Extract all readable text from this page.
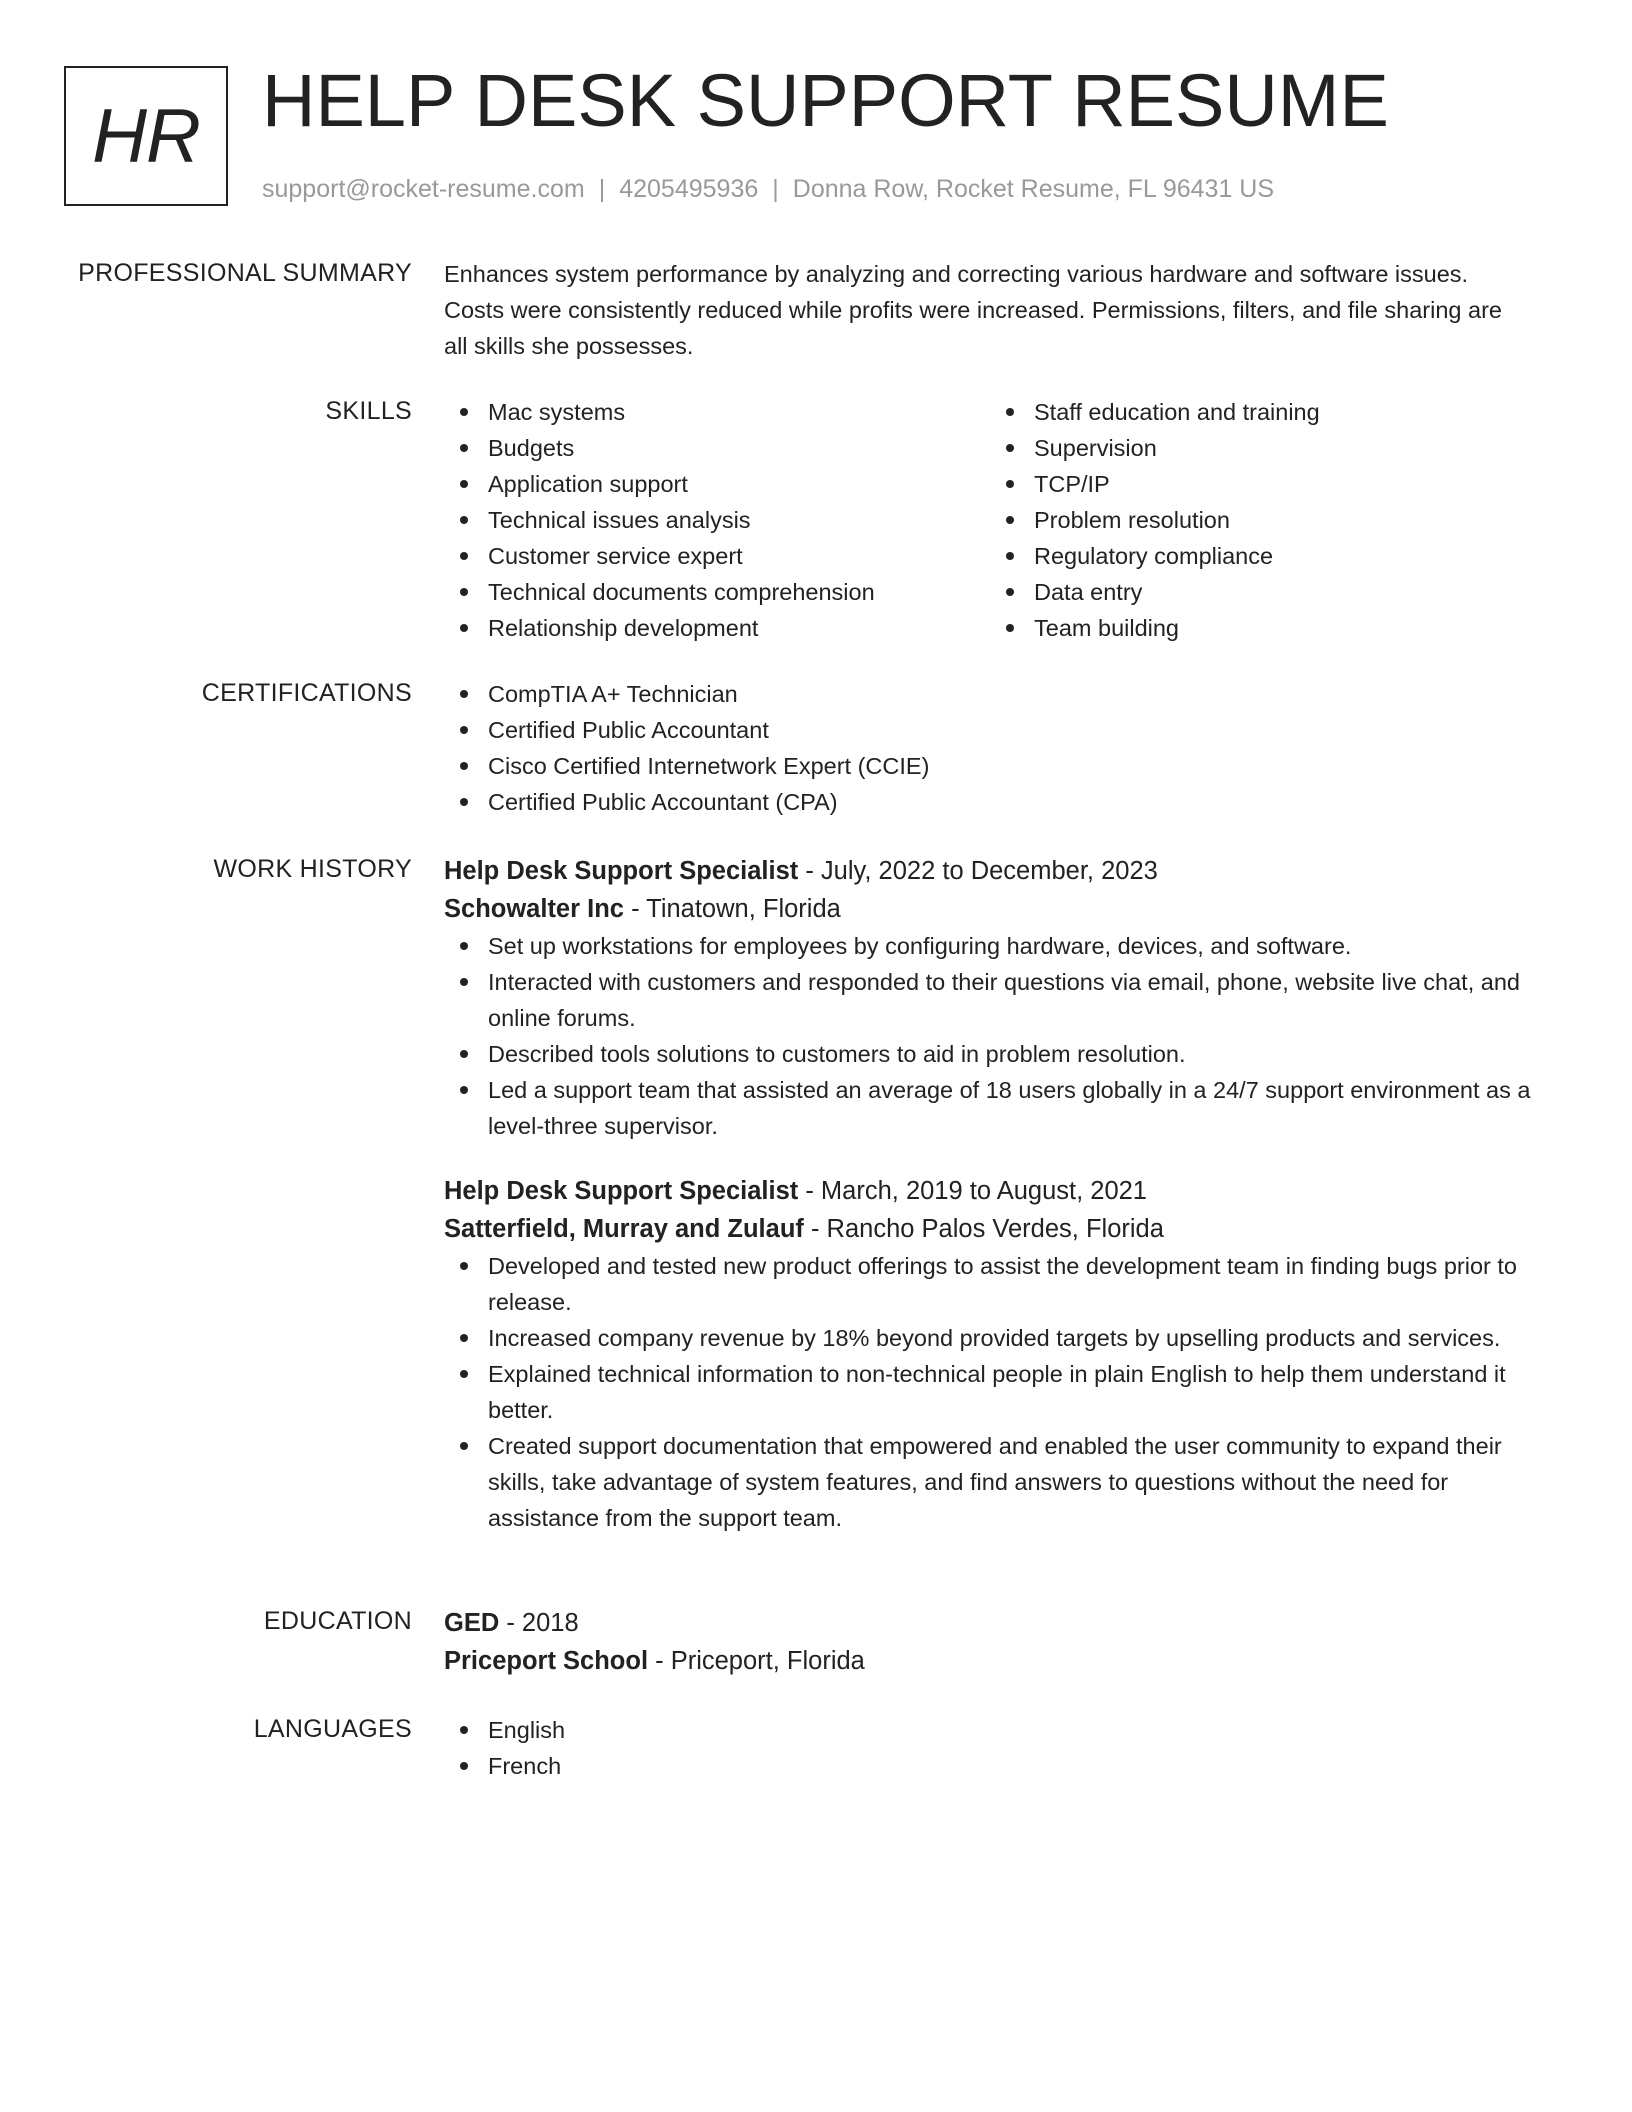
HR HELP DESK SUPPORT RESUME
support@rocket-resume.com | 4205495936 | Donna Row, Rocket Resume, FL 96431 US
PROFESSIONAL SUMMARY Enhances system performance by analyzing and correcting various hardware and software issues. Costs were consistently reduced while profits were increased. Permissions, filters, and file sharing are all skills she possesses.

SKILLS	Mac systems
Budgets
Application support
Technical issues analysis
Customer service expert
Technical documents comprehension
Relationship development
Staff education and training
Supervision
TCP/IP
Problem resolution
Regulatory compliance
Data entry
Team building
CERTIFICATIONS	CompTIA A+ Technician
Certified Public Accountant
Cisco Certified Internetwork Expert (CCIE)
Certified Public Accountant (CPA)
WORK HISTORY Help Desk Support Specialist - July, 2022 to December, 2023
Schowalter Inc - Tinatown, Florida
Set up workstations for employees by configuring hardware, devices, and software.
Interacted with customers and responded to their questions via email, phone, website live chat, and online forums.
Described tools solutions to customers to aid in problem resolution.
Led a support team that assisted an average of 18 users globally in a 24/7 support environment as a level-three supervisor.
Help Desk Support Specialist - March, 2019 to August, 2021
Satterfield, Murray and Zulauf - Rancho Palos Verdes, Florida
Developed and tested new product offerings to assist the development team in finding bugs prior to release.
Increased company revenue by 18% beyond provided targets by upselling products and services.
Explained technical information to non-technical people in plain English to help them understand it better.
Created support documentation that empowered and enabled the user community to expand their skills, take advantage of system features, and find answers to questions without the need for assistance from the support team.
EDUCATION GED - 2018
Priceport School - Priceport, Florida
LANGUAGES	English
French
